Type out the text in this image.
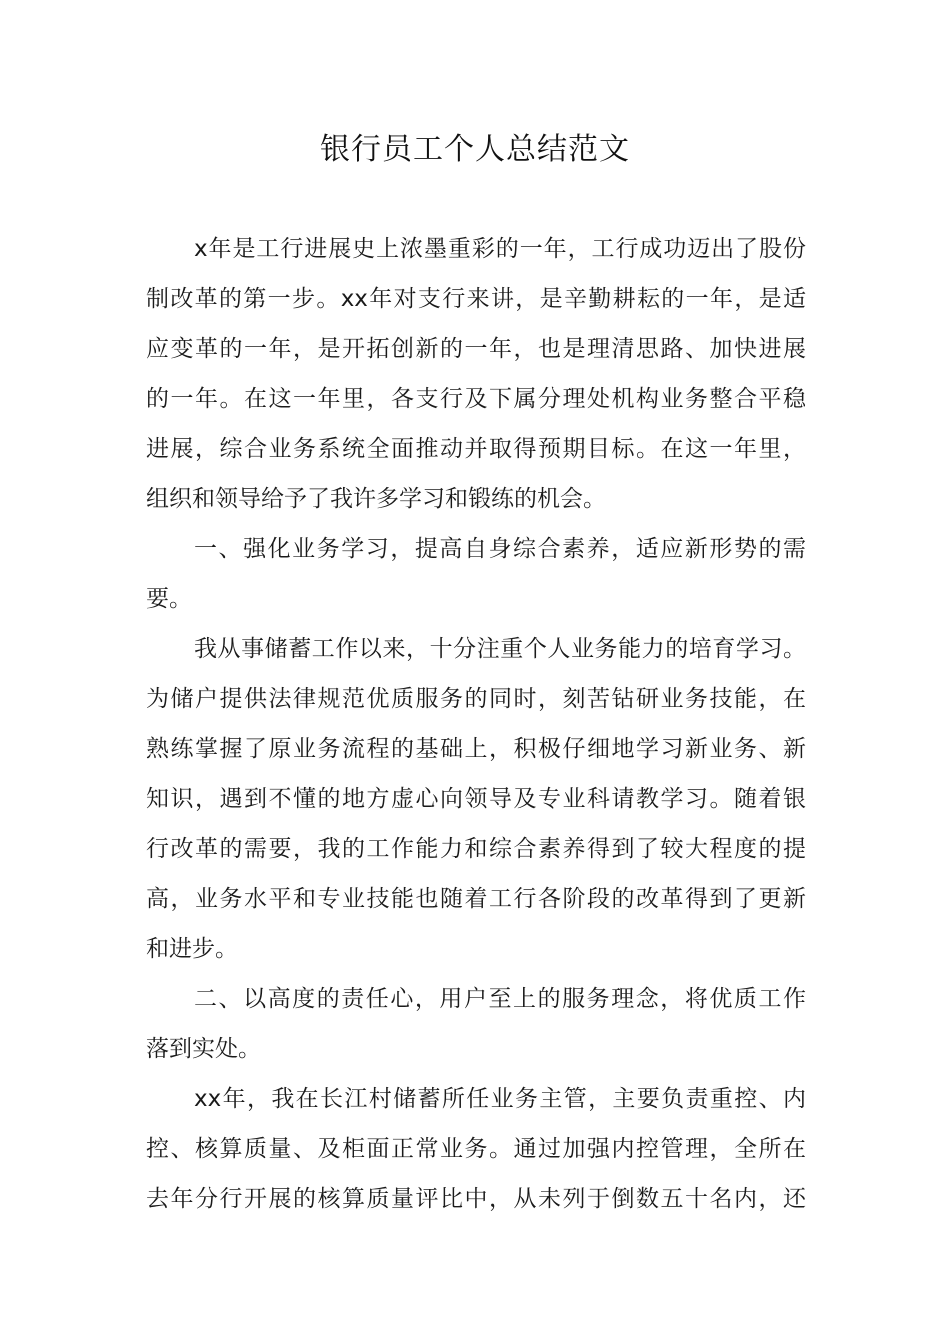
银行员工个人总结范文
x年是工行进展史上浓墨重彩的一年，工行成功迈出了股份
制改革的第一步。xx年对支行来讲，是辛勤耕耘的一年，是适
应变革的一年，是开拓创新的一年，也是理清思路、加快进展
的一年。在这一年里，各支行及下属分理处机构业务整合平稳
进展，综合业务系统全面推动并取得预期目标。在这一年里，
组织和领导给予了我许多学习和锻练的机会。
一、强化业务学习，提高自身综合素养，适应新形势的需
要。
我从事储蓄工作以来，十分注重个人业务能力的培育学习。
为储户提供法律规范优质服务的同时，刻苦钻研业务技能，在
熟练掌握了原业务流程的基础上，积极仔细地学习新业务、新
知识，遇到不懂的地方虚心向领导及专业科请教学习。随着银
行改革的需要，我的工作能力和综合素养得到了较大程度的提
高，业务水平和专业技能也随着工行各阶段的改革得到了更新
和进步。
二、以高度的责任心，用户至上的服务理念，将优质工作
落到实处。
xx年，我在长江村储蓄所任业务主管，主要负责重控、内
控、核算质量、及柜面正常业务。通过加强内控管理，全所在
去年分行开展的核算质量评比中，从未列于倒数五十名内，还
